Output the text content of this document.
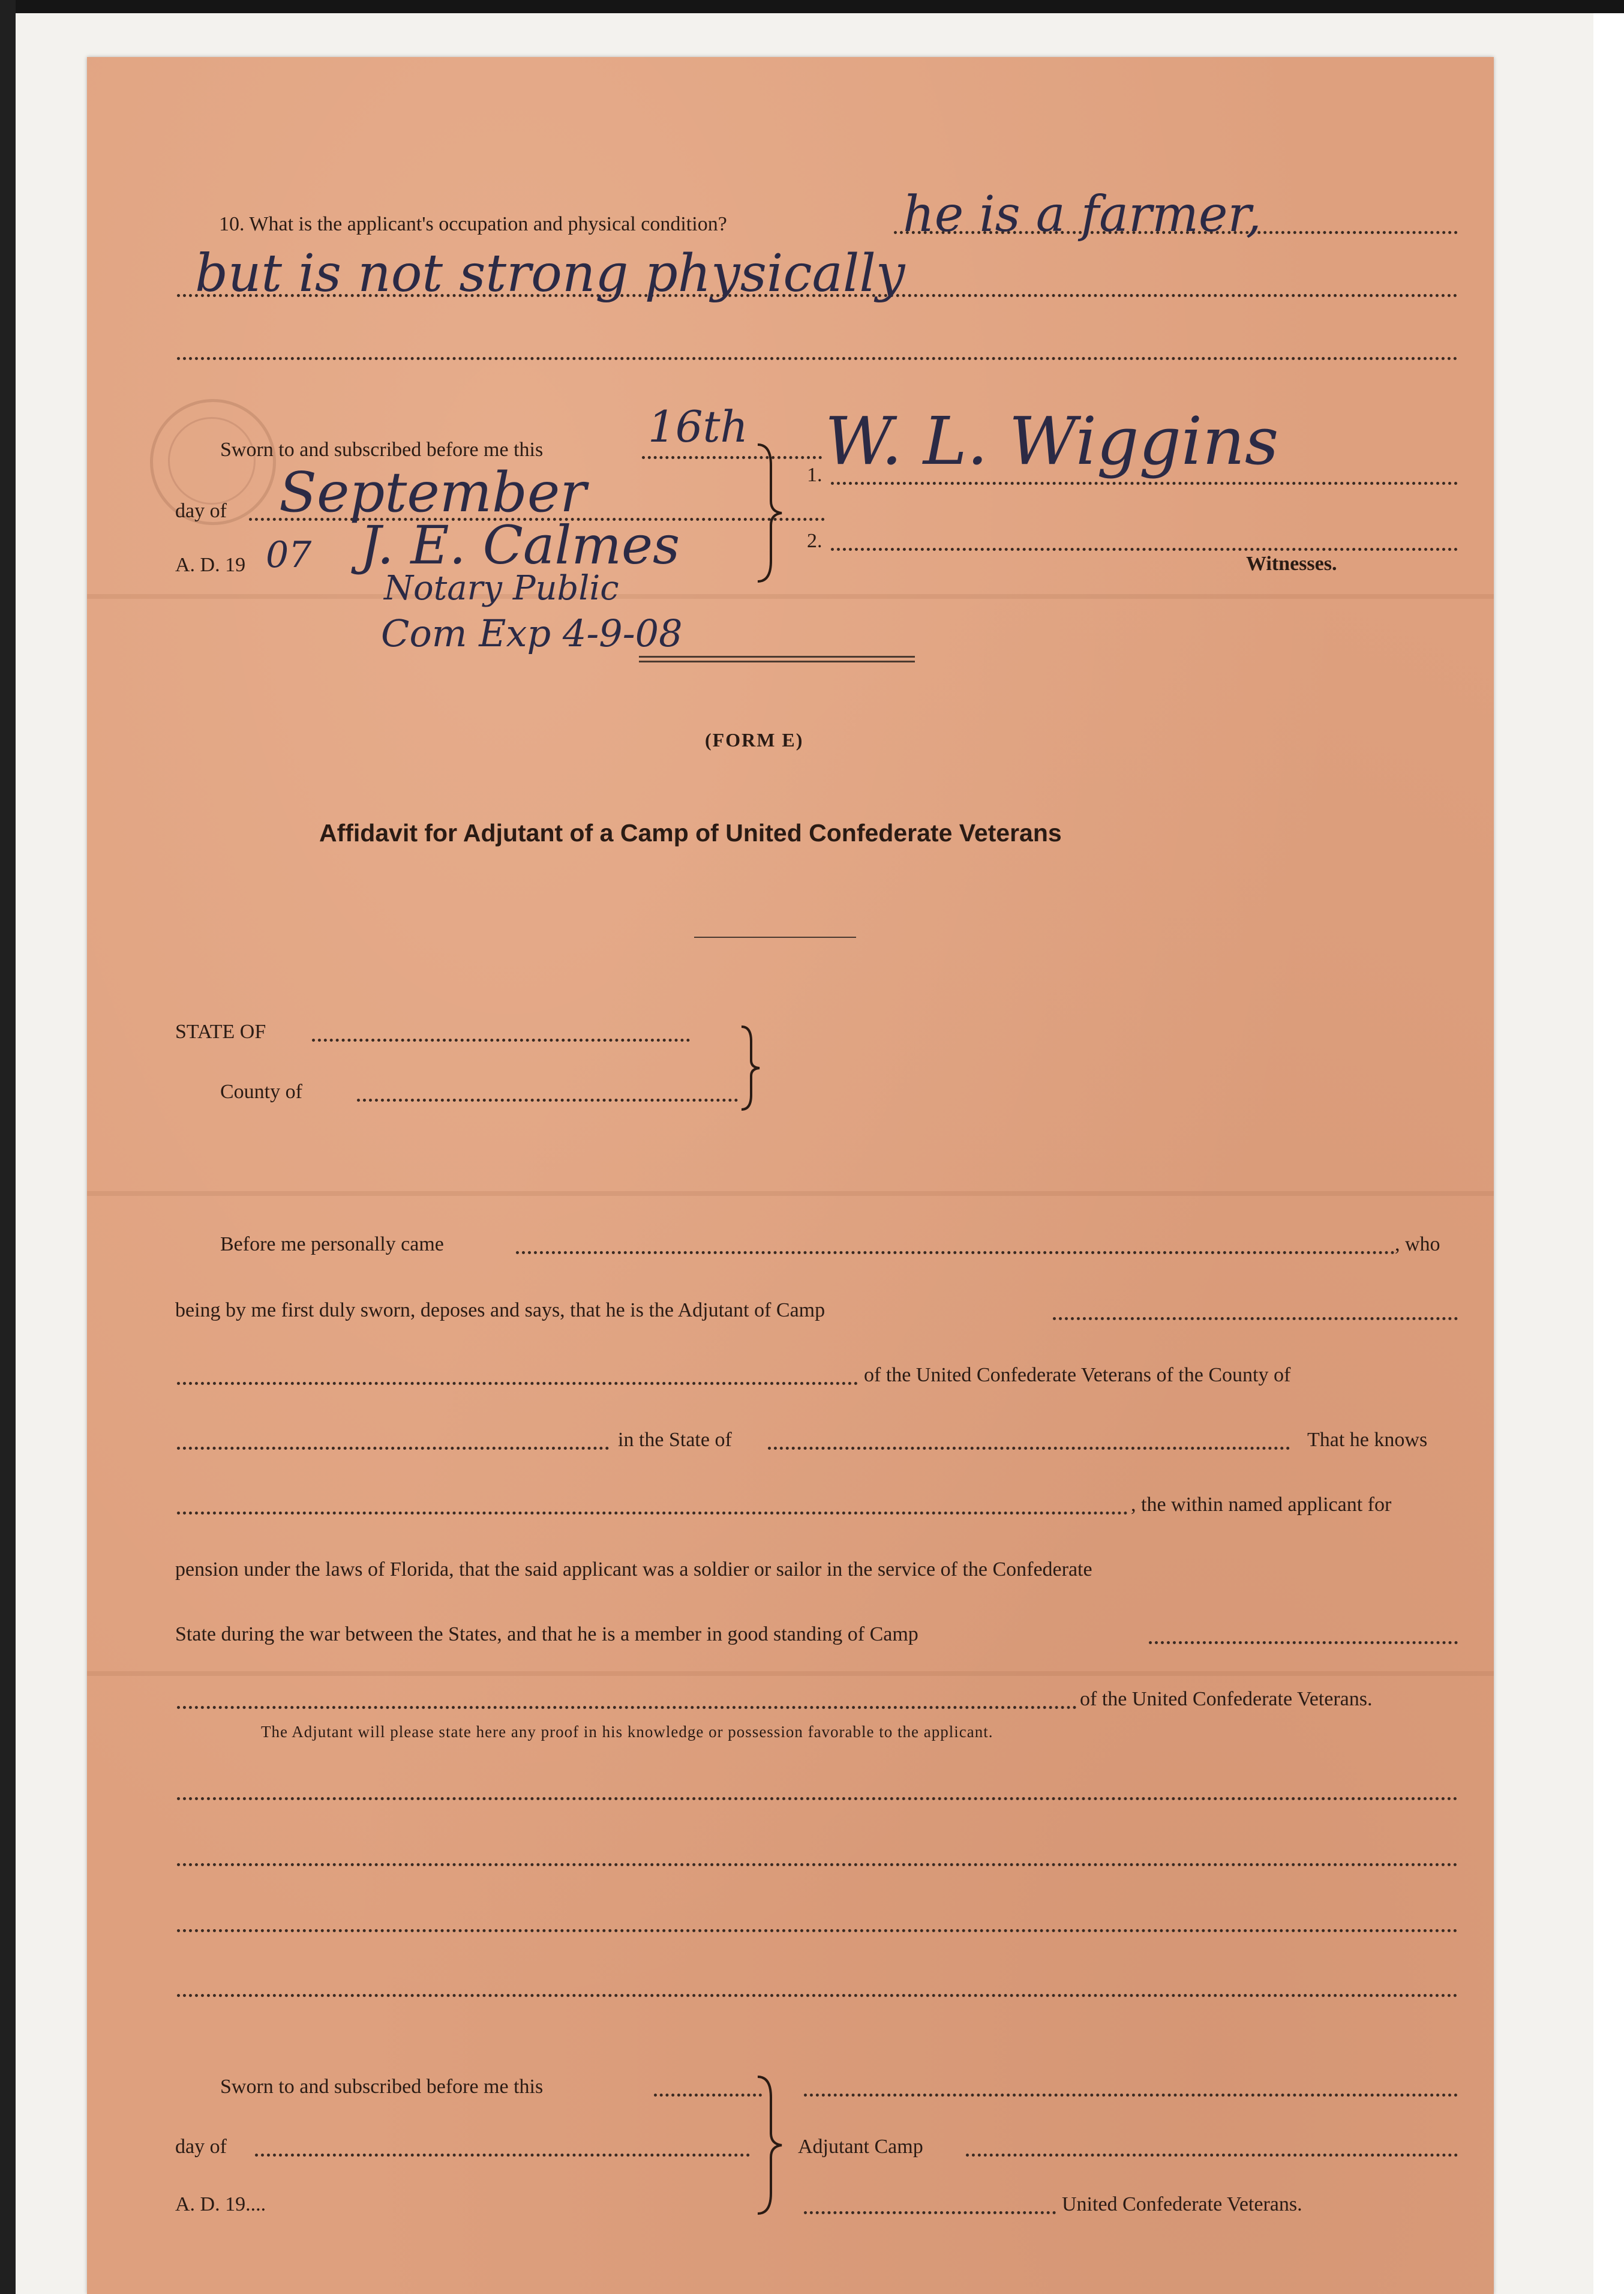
10. What is the applicant's occupation and physical condition?	he is a farmer,
but is not strong physically
Sworn to and subscribed before me this 16th
day of September
A. D. 19 07 J. E. Calmes
Notary Public
Com Exp 4-9-08
1. W. L. Wiggins
2.
Witnesses.
(FORM E)
Affidavit for Adjutant of a Camp of United Confederate Veterans
STATE OF
County of
Before me personally came	, who
being by me first duly sworn, deposes and says, that he is the Adjutant of Camp
of the United Confederate Veterans of the County of
in the State of	That he knows
, the within named applicant for
pension under the laws of Florida, that the said applicant was a soldier or sailor in the service of the Confederate
State during the war between the States, and that he is a member in good standing of Camp
of the United Confederate Veterans.
The Adjutant will please state here any proof in his knowledge or possession favorable to the applicant.
Sworn to and subscribed before me this
day of
A. D. 19....
Adjutant Camp
United Confederate Veterans.
